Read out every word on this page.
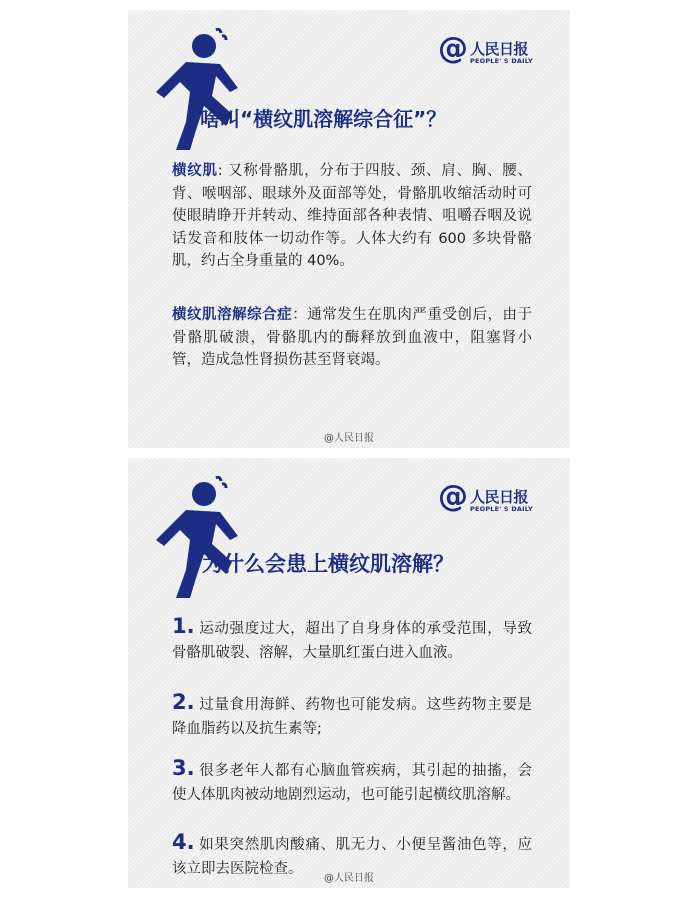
@ 人民日报
PEOPLE' S DAILY
啥叫“横纹肌溶解综合征”？

横纹肌: 又称骨骼肌，分布于四肢、颈、肩、胸、腰、背、喉咽部、眼球外及面部等处，骨骼肌收缩活动时可使眼睛睁开并转动、维持面部各种表情、咀嚼吞咽及说话发音和肢体一切动作等。人体大约有 600 多块骨骼肌，约占全身重量的 40%。

横纹肌溶解综合症：通常发生在肌肉严重受创后，由于骨骼肌破溃，骨骼肌内的酶释放到血液中，阻塞肾小管，造成急性肾损伤甚至肾衰竭。

@人民日报
@ 人民日报
PEOPLE' S DAILY
为什么会患上横纹肌溶解？

1. 运动强度过大，超出了自身身体的承受范围，导致骨骼肌破裂、溶解，大量肌红蛋白进入血液。

2. 过量食用海鲜、药物也可能发病。这些药物主要是降血脂药以及抗生素等;

3. 很多老年人都有心脑血管疾病，其引起的抽搐，会使人体肌肉被动地剧烈运动，也可能引起横纹肌溶解。

4. 如果突然肌肉酸痛、肌无力、小便呈酱油色等，应该立即去医院检查。

@人民日报
